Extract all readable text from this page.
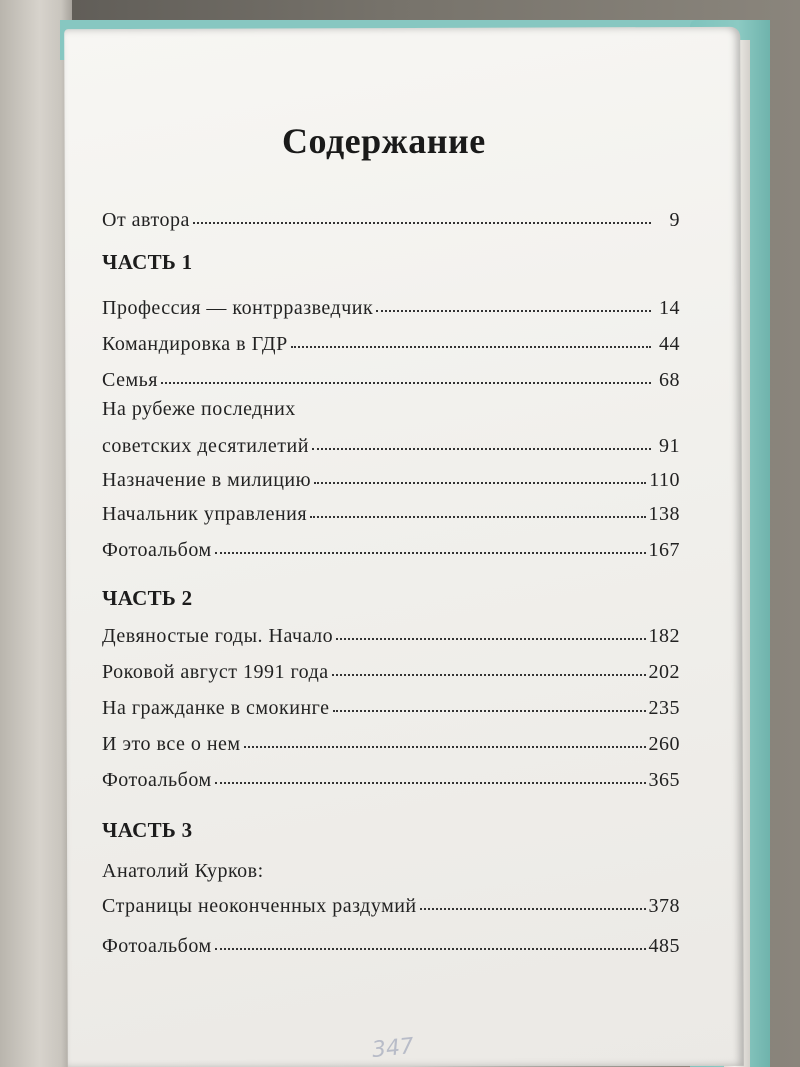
Содержание
От автора	9
ЧАСТЬ 1
Профессия — контрразведчик	14
Командировка в ГДР	44
Семья	68
На рубеже последних
советских десятилетий	91
Назначение в милицию	110
Начальник управления	138
Фотоальбом	167
ЧАСТЬ 2
Девяностые годы. Начало	182
Роковой август 1991 года	202
На гражданке в смокинге	235
И это все о нем	260
Фотоальбом	365
ЧАСТЬ 3
Анатолий Курков:
Страницы неоконченных раздумий	378
Фотоальбом	485
347
